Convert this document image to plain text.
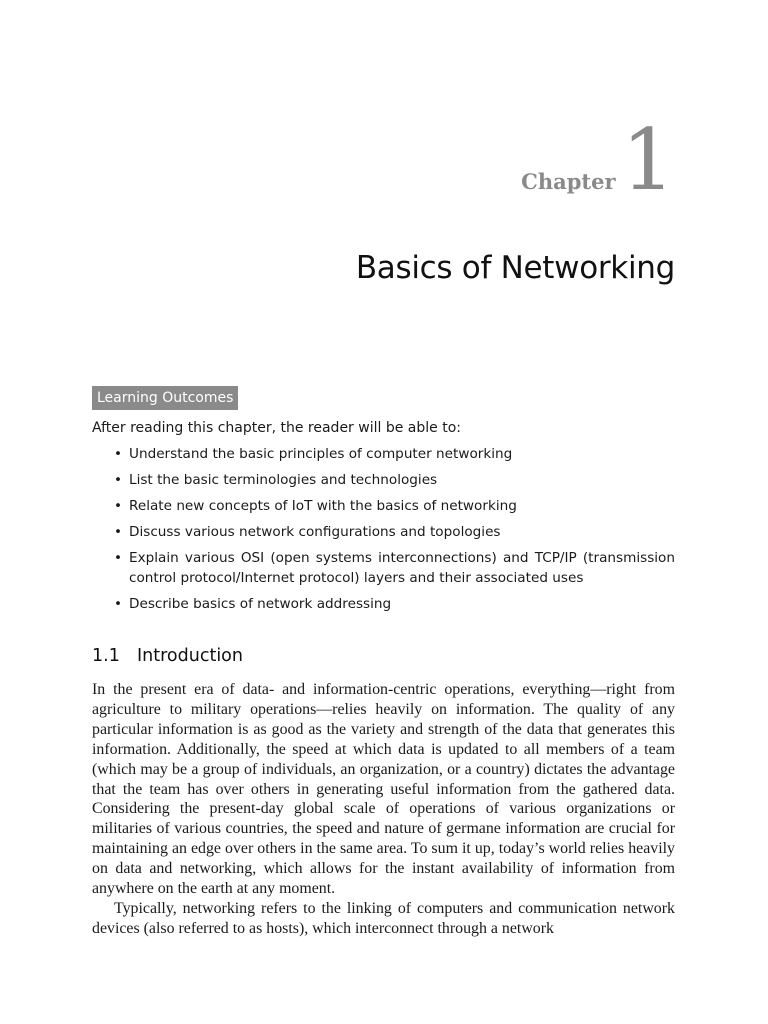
Chapter1
Basics of Networking
Learning Outcomes
After reading this chapter, the reader will be able to:
• Understand the basic principles of computer networking
• List the basic terminologies and technologies
• Relate new concepts of IoT with the basics of networking
• Discuss various network configurations and topologies
• Explain various OSI (open systems interconnections) and TCP/IP (transmission control protocol/Internet protocol) layers and their associated uses
• Describe basics of network addressing
1.1 Introduction

In the present era of data- and information-centric operations, everything—right from agriculture to military operations—relies heavily on information. The quality of any particular information is as good as the variety and strength of the data that generates this information. Additionally, the speed at which data is updated to all members of a team (which may be a group of individuals, an organization, or a country) dictates the advantage that the team has over others in generating useful information from the gathered data. Considering the present-day global scale of operations of various organizations or militaries of various countries, the speed and nature of germane information are crucial for maintaining an edge over others in the same area. To sum it up, today’s world relies heavily on data and networking, which allows for the instant availability of information from anywhere on the earth at any moment.

Typically, networking refers to the linking of computers and communication network devices (also referred to as hosts), which interconnect through a network
